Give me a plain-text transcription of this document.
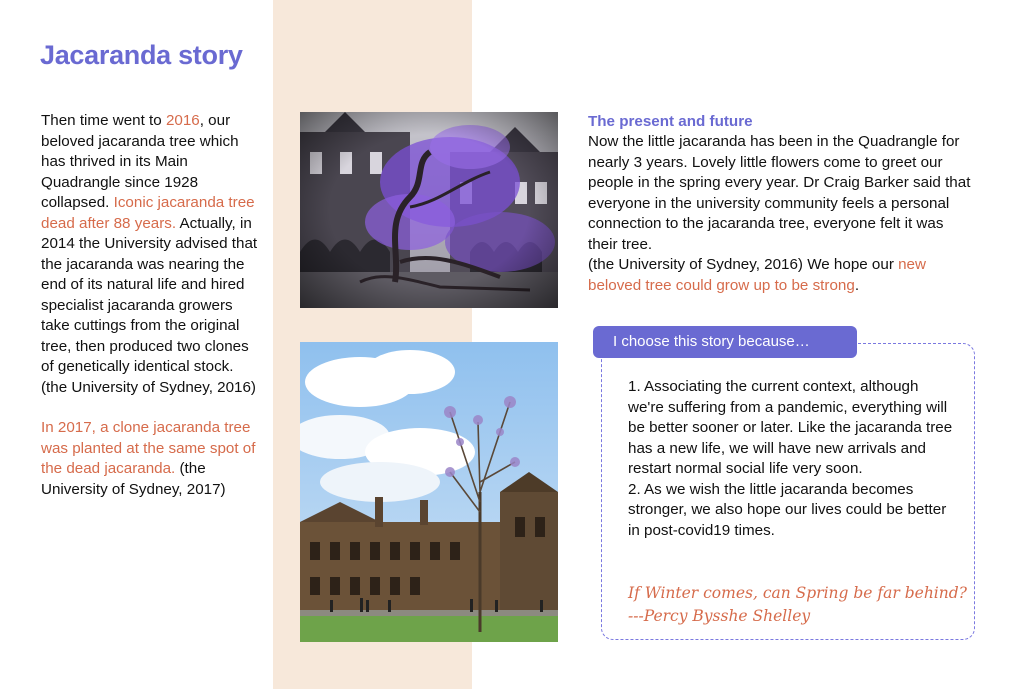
Jacaranda story

Then time went to 2016, our beloved jacaranda tree which has thrived in its Main Quadrangle since 1928 collapsed. Iconic jacaranda tree dead after 88 years. Actually, in 2014 the University advised that the jacaranda was nearing the end of its natural life and hired specialist jacaranda growers take cuttings from the original tree, then produced two clones of genetically identical stock. (the University of Sydney, 2016)

In 2017, a clone jacaranda tree was planted at the same spot of the dead jacaranda. (the University of Sydney, 2017)

The present and future

Now the little jacaranda has been in the Quadrangle for nearly 3 years. Lovely little flowers come to greet our people in the spring every year. Dr Craig Barker said that everyone in the university community feels a personal connection to the jacaranda tree, everyone felt it was their tree.
(the University of Sydney, 2016) We hope our new beloved tree could grow up to be strong.

I choose this story because…

1. Associating the current context, although we're suffering from a pandemic, everything will be better sooner or later. Like the jacaranda tree has a new life, we will have new arrivals and restart normal social life very soon.

2. As we wish the little jacaranda becomes stronger, we also hope our lives could be better in post-covid19 times.

If Winter comes, can Spring be far behind? ---Percy Bysshe Shelley
